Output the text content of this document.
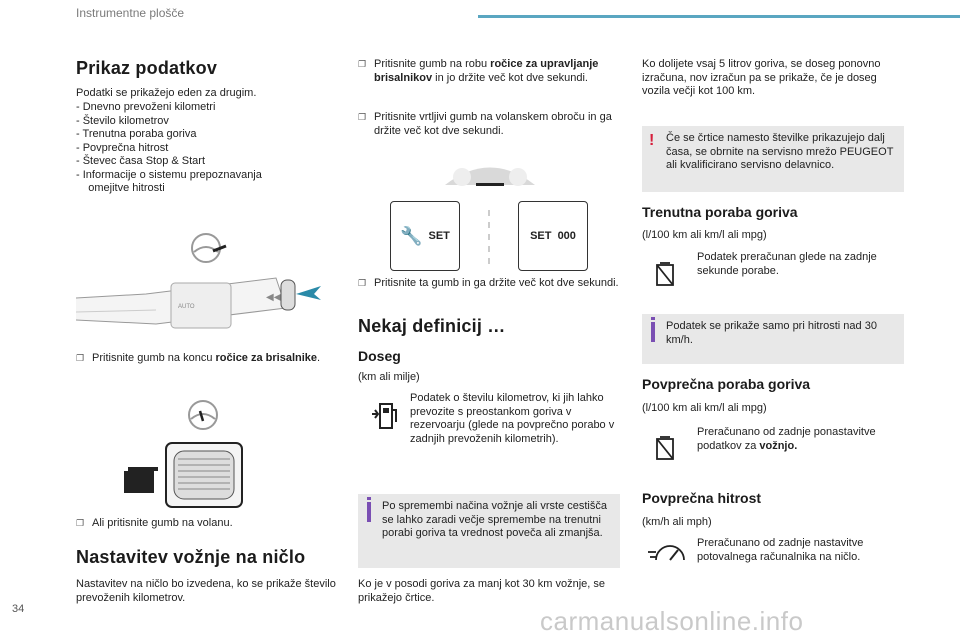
Instrumentne plošče
Prikaz podatkov
Podatki se prikažejo eden za drugim.
- Dnevno prevoženi kilometri
- Število kilometrov
- Trenutna poraba goriva
- Povprečna hitrost
- Števec časa Stop & Start
- Informacije o sistemu prepoznavanja
omejitve hitrosti
AUTO
◀◀
❐ Pritisnite gumb na koncu ročice za brisalnike.
❐ Ali pritisnite gumb na volanu.
Nastavitev vožnje na ničlo
Nastavitev na ničlo bo izvedena, ko se prikaže število prevoženih kilometrov.
❐ Pritisnite gumb na robu ročice za upravljanje brisalnikov in jo držite več kot dve sekundi.
❐ Pritisnite vrtljivi gumb na volanskem obroču in ga držite več kot dve sekundi.
🔧 SET	SET  000
❐ Pritisnite ta gumb in ga držite več kot dve sekundi.
Nekaj definicij …
Doseg
(km ali milje)
Podatek o številu kilometrov, ki jih lahko prevozite s preostankom goriva v rezervoarju (glede na povprečno porabo v zadnjih prevoženih kilometrih).
Po spremembi načina vožnje ali vrste cestišča se lahko zaradi večje spremembe na trenutni porabi goriva ta vrednost poveča ali zmanjša.
Ko je v posodi goriva za manj kot 30 km vožnje, se prikažejo črtice.
Ko dolijete vsaj 5 litrov goriva, se doseg ponovno izračuna, nov izračun pa se prikaže, če je doseg vozila večji kot 100 km.
! Če se črtice namesto številke prikazujejo dalj časa, se obrnite na servisno mrežo PEUGEOT ali kvalificirano servisno delavnico.
Trenutna poraba goriva
(l/100 km ali km/l ali mpg)
Podatek preračunan glede na zadnje sekunde porabe.
Podatek se prikaže samo pri hitrosti nad 30 km/h.
Povprečna poraba goriva
(l/100 km ali km/l ali mpg)
Preračunano od zadnje ponastavitve podatkov za vožnjo.
Povprečna hitrost
(km/h ali mph)
Preračunano od zadnje nastavitve potovalnega računalnika na ničlo.
34	carmanualsonline.info
